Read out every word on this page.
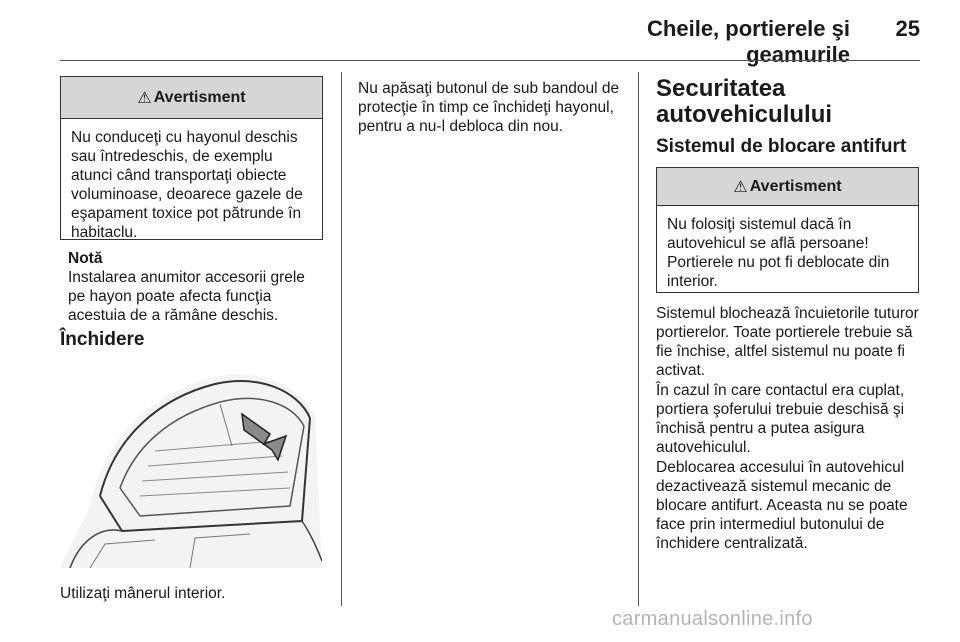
Cheile, portierele şi geamurile
25
⚠ Avertisment
Nu conduceţi cu hayonul deschis sau întredeschis, de exemplu atunci când transportaţi obiecte voluminoase, deoarece gazele de eşapament toxice pot pătrunde în habitaclu.

Notă

Instalarea anumitor accesorii grele pe hayon poate afecta funcţia acestuia de a rămâne deschis.

Închidere
Utilizaţi mânerul interior.
Nu apăsaţi butonul de sub bandoul de protecţie în timp ce închideţi hayonul, pentru a nu-l debloca din nou.
Securitatea autovehiculului
Sistemul de blocare antifurt
⚠ Avertisment
Nu folosiţi sistemul dacă în autovehicul se află persoane! Portierele nu pot fi deblocate din interior.
Sistemul blochează încuietorile tuturor portierelor. Toate portierele trebuie să fie închise, altfel sistemul nu poate fi activat.
În cazul în care contactul era cuplat, portiera şoferului trebuie deschisă şi închisă pentru a putea asigura autovehiculul.
Deblocarea accesului în autovehicul dezactivează sistemul mecanic de blocare antifurt. Aceasta nu se poate face prin intermediul butonului de închidere centralizată.
carmanualsonline.info
